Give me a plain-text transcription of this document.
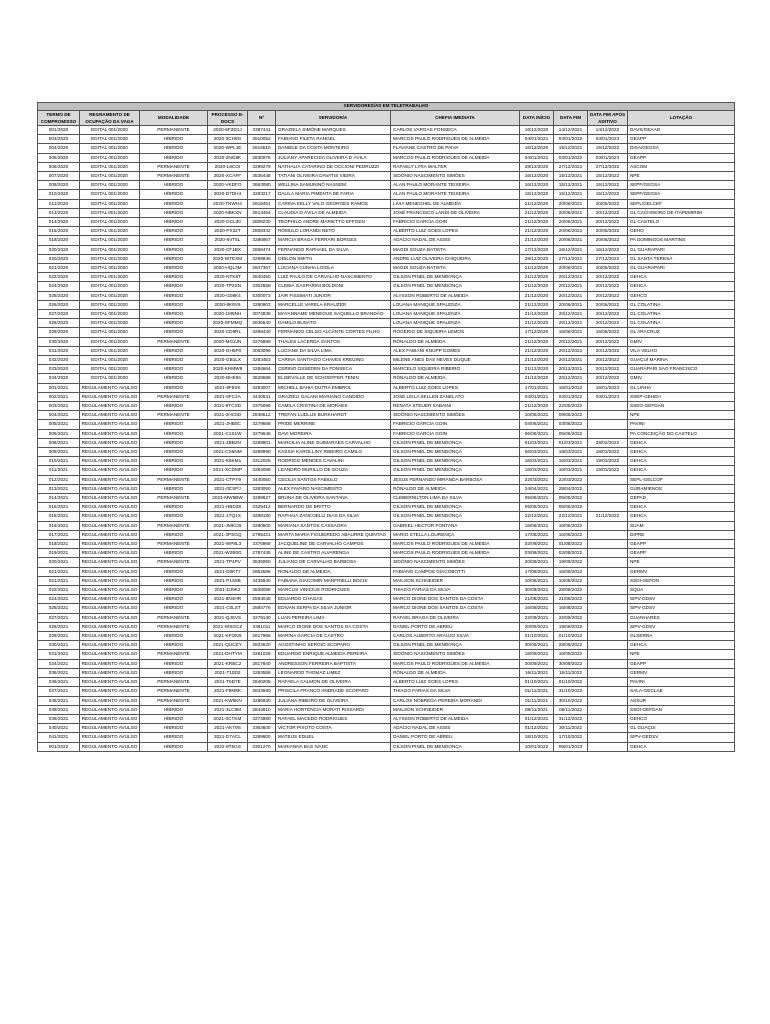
SERVIDORES/AS EM TELETRABALHO										
TERMO DE COMPROMISSO	REGRAMENTO DE OCUPAÇÃO DA VAGA	MODALIDADE	PROCESSO E-DOCS	Nº	SERVIDOR/A	CHEFIA IMEDIATA	DATA INÍCIO	DATA FIM	DATA FIM APÓS ADITIVO	LOTAÇÃO
001/2020	EDITAL 001/2020	PERMANENTE	2020-6F2D1J	3387441	GRAZIELA SIMÕNE MARQUES	CARLOS VARGAS FONSECA	16/12/2020	14/12/2021	14/12/2022	DAVS/GEAAD
003/2020	EDITAL 001/2020	HÍBRIDO	2020-3CH8G	2610052	FABIANO FILETA RANGEL	MARCOS PAULO RODRIGUES DE ALMEIDA	04/01/2021	03/01/2022	03/01/2023	GEAPP
004/2020	EDITAL 001/2020	HÍBRIDO	2020-WPL1E	2816510	DANIELE DA COSTA MONTEIRO	FLAVIANE CASTRO DE PAIVA	16/12/2020	15/12/2021	15/12/2022	DISA/GEGSA
005/2020	EDITAL 001/2020	HÍBRIDO	2020-2NG8K	2830976	JULIANY APARECIDA OLIVEIRA D ÁVILA	MARCOS PAULO RODRIGUES DE ALMEIDA	04/01/2021	03/01/2022	03/01/2023	GEAPP
006/2020	EDITAL 001/2020	PERMANENTE	2020-L6COI	3299279	NATHALIA CATARINO DE OCCIONI PEDRUZZI	RAFAELY LYRA WALTER	28/12/2020	27/12/2021	27/12/2022	ASCOM
007/2020	EDITAL 001/2020	PERMANENTE	2020-XCAFF	3536448	TATIANI OLIVEIRA DAVATIS VIEIRA	SIDÔNIO NASCIMENTO SIMÕES	16/12/2020	15/12/2021	15/12/2022	NPE
008/2020	EDITAL 001/2020	HÍBRIDO	2020-VKDFO	3663080	WELLINA SAMUNINÕ NASSEM	ALAN PAULO MORANTE TEIXEIRA	16/12/2020	15/12/2021	15/12/2022	SEPF/GEGSA
010/2020	EDITAL 001/2020	HÍBRIDO	2020-D7DH4	3283217	DALILA MARIA PIMENTA DE FARIA	ALAN PAULO MORANTE TEIXEIRA	16/12/2020	15/12/2021	15/12/2022	SEPF/GEGSA
011/2020	EDITAL 001/2020	HÍBRIDO	2020-TNWH4	2819451	CARINA KELLY VALO GEORGES RAMOS	LIVIA MENEGHEL DE ALMEIDA	21/12/2020	20/06/2021	20/06/2022	SEPL/GELCEF
013/2020	EDITAL 001/2020	HÍBRIDO	2020-NBKXN	2813464	CLAUDIA D ÁVILA DE ALMEIDA	JOSÉ FRANCISCO LANDI DE OLIVEIRA	21/12/2020	20/06/2021	20/12/2022	GL CACHOEIRO DE ITAPEMIRIM
014/2020	EDITAL 001/2020	HÍBRIDO	2020-GCL30	2808230	TEOPHILO ANDRE MARIETTO EFFGEN	FABRICIO GARCIA GOIN	21/12/2020	20/06/2021	20/12/2022	GL CASTELO
015/2020	EDITAL 001/2020	HÍBRIDO	2020-PX32T	2808332	RÔMULO LORANDI NETO	ALBERTO LUIZ GOES LOPES	21/12/2020	20/06/2021	20/06/2022	GEHO
018/2020	EDITAL 001/2020	HÍBRIDO	2020-6VT5L	3286867	MARCIA BRAGA FERRARI BORGES	ADACIO NADAL DE ASSIS	21/12/2020	20/06/2021	20/06/2022	PA DOMINGOS MARTINS
020/2020	EDITAL 001/2020	HÍBRIDO	2020-CF1BX	2859474	FERNANDO RAPHAEL DA SILVA	MAGDI SOUZA BATISTA	17/12/2020	16/12/2021	16/12/2022	GL GUARAPARI
020/2020	EDITAL 001/2020	HÍBRIDO	2020-WTEXM	3299846	ODILON SMITH	ANDRE LUIZ OLIVEIRA CHIQUEIRA	28/12/2020	27/12/2021	27/12/2022	GL SANTA TERESA
021/2020	EDITAL 001/2020	HÍBRIDO	2020-HQL3M	2847367	LUCIANA CUNHA LOIOLA	MAGDI SOUZA BATISTA	21/12/2020	20/06/2021	20/06/2022	GL GUARAPARI
022/2020	EDITAL 001/2020	HÍBRIDO	2020-NTK6T	2840450	LUIZ PAULO DE CARVALHO NASCIMENTO	GILSON PINEL DE MENDONÇA	21/12/2020	20/12/2021	20/12/2022	GEHCA
024/2020	EDITAL 001/2020	HÍBRIDO	2020-TP2SN	3302658	CLEBIA GASPARINI BOLDONI	GILSON PINEL DE MENDONÇA	21/12/2020	20/12/2021	20/12/2022	GEHCA
025/2020	EDITAL 001/2020	HÍBRIDO	2020-G08K4	5300073	JAIR FISSIMATI JUNIOR	ALYSSON ROBERTO DE ALMEIDA	21/12/2020	20/12/2021	20/12/2022	GEHCO
026/2020	EDITAL 001/2020	HÍBRIDO	2020-8K8V6	3280903	MARCELLE VARELA KRAUZER	LOUANA MANIQUE SPALENZA	21/12/2020	20/06/2021	20/06/2022	GL COLATINA
027/2020	EDITAL 001/2020	HÍBRIDO	2020-1M5NH	3074838	MAYANNAME MENEGUE SAQUELLO BRANDÃO	LOUANA MANIQUE SPALENZA	21/12/2020	20/12/2021	20/12/2022	GL COLATINA
028/2020	EDITAL 001/2020	HÍBRIDO	2020-SFMMQ	2836640	DAMILO BUSATO	LOUANA MANIQUE SPALENZA	21/12/2020	20/12/2021	20/12/2022	GL COLATINA
029/2020	EDITAL 001/2020	HÍBRIDO	2020-CD9RL	3289430	FERNANDO CELSO ALCÂNTE CORTES FILHO	ROGERIO DE SIQUEIRA LEMOS	17/12/2020	16/06/2021	16/06/2022	GL ARACRUZ
030/2020	EDITAL 001/2020	PERMANENTE	2020-MG2JN	3279898	THALES LACERDA SANTOS	RÔNALDO DE ALMEIDA	21/12/2020	20/12/2021	20/12/2022	GMIV
031/2020	EDITAL 001/2020	HÍBRIDO	2020-GH5P0	3063099	LUCIANE DA SILVA LIMA	ALEX FABIANI KNUPP GOMES	21/12/2020	20/12/2021	20/12/2022	VILA VELHO
032/2020	EDITAL 001/2020	HÍBRIDO	2020-GB1LX	3283463	CARINA SANTIAGO CHAVES KREUING	MILENE ANES DAS NEVES DUQUE	21/12/2020	20/12/2021	20/12/2022	GUAÇUÍ MARINA
033/2020	EDITAL 001/2020	HÍBRIDO	2020-KHMW9	3284664	CERINO OSSEDEN DA FONSECA	MARCELO SIQUEIRA RIBEIRO	21/12/2020	20/12/2021	20/12/2022	GUARAPARI SAO FRANCISCO
034/2020	EDITAL 001/2020	HÍBRIDO	2020-BHK94	3628688	ELISEVALLE DE SCHOEFFER TENIN	RÔNALDO DE ALMEIDA	21/12/2020	20/12/2021	20/12/2022	GMIV
001/2021	REGULAMENTO AVULSO	HÍBRIDO	2021-8F5SK	3283007	MICHELL BAHIA DUTRA EMBROL	ALBERTO LUIZ GOES LOPES	17/01/2021	16/01/2022	16/01/2023	GL LINHA
002/2021	REGULAMENTO AVULSO	PERMANENTE	2021-6FC2A	3440531	GRAZIELI GALANI MARIANO CANDIDO	JOSÉ LEILA SELLEN ZANELATO	04/01/2021	03/01/2022	03/01/2023	SSEP-GEHEH
003/2021	REGULAMENTO AVULSO	HÍBRIDO	2021-8TCXD	3375099	CAMILA CRISTINA DE MORAES	RENATA STEUER SABAINI	21/12/2020	22/05/2022		SSEO-GEFDAN
004/2021	REGULAMENTO AVULSO	PERMANENTE	2021-2HC0D	2838612	TREFAN LUDLUS BURKHARDT	SIDÔNIO NASCIMENTO SIMÕES	10/05/2021	09/05/2022		NPE
005/2021	REGULAMENTO AVULSO	HÍBRIDO	2021-JHB0C	3279688	PRIDE MERRINE	FABRICIO GARCIA GOIN	04/06/2021	03/06/2022		PAVINI
006/2021	REGULAMENTO AVULSO	HÍBRIDO	2021-C1S1W	3279646	DAVI MOREIRA	FABRICIO GARCIA GOIN	06/06/2021	05/06/2022		PA CONCEIÇÃO DO CASTELO
008/2021	REGULAMENTO AVULSO	HÍBRIDO	2021-2BB2N	3289801	MARCILIA ALINE GUIMARAES CARVALHO	GILSON PINEL DE MENDONÇA	01/03/2021	01/03/2021	28/02/2022	GEHCA
009/2021	REGULAMENTO AVULSO	HÍBRIDO	2021-CS6NM	3289990	KASSIA KAROLLINY RIBEIRO CAMILO	GILSON PINEL DE MENDONÇA	06/03/2021	18/03/2021	18/03/2022	GEHCA
010/2021	REGULAMENTO AVULSO	HÍBRIDO	2021-K8KM1	3312026	RODRIGO MENDES CAVALINI	GILSON PINEL DE MENDONÇA	16/03/2021	16/03/2021	19/03/2022	GEHCA
011/2021	REGULAMENTO AVULSO	HÍBRIDO	2021-XCDMP	3284088	LEANDRO MURILLO DE SOUZA	GILSON PINEL DE MENDONÇA	16/03/2021	16/03/2021	19/03/2022	GEHCA
012/2021	REGULAMENTO AVULSO	PERMANENTE	2021-CTPY9	3440050	CECILIA SANTOS FABIULO	JESUS FERNANDO MIRANDA BARBOSA	22/03/2021	22/03/2022		SEPL-GELCOF
013/2021	REGULAMENTO AVULSO	HÍBRIDO	2021-0CSPJ	3283060	ALEX FAVARO NASCIMENTO	RÔNALDO DE ALMEIDA	24/04/2021	28/04/2022		GURAMIENOS
014/2021	REGULAMENTO AVULSO	PERMANENTE	2021-MW5BW	3289627	BRUNA DE OLIVEIRA SANTANA	CLEBERNILTON LIMA DA SILVA	05/05/2021	05/05/2022		GEPAD
015/2021	REGULAMENTO AVULSO	HÍBRIDO	2021-HBD28	3325412	BERNARDO DE BRITTO	GILSON PINEL DE MENDONÇA	05/05/2021	05/05/2022		GEHCA
016/2021	REGULAMENTO AVULSO	HÍBRIDO	2021-1TQ1X	3288180	RAFHAIA ZANCOELLI DIAS DA SILVA	GILSON PINEL DE MENDONÇA	22/12/2021	22/12/2021	21/12/2022	GEHCA
016/2021	REGULAMENTO AVULSO	PERMANENTE	2021-JMKCB	3280500	MARIANA SANTOS CASSAGRA	GABRIEL HECTOR FONTANA	16/06/2021	16/06/2022		SUAM
017/2021	REGULAMENTO AVULSO	HÍBRIDO	2021-3PSGQ	2795421	MARTA MARIA FIGUEIREDO ABAURRE QUINTAO	MARIO STELLA LOURENÇA	17/08/2021	16/08/2022		DIPRE
018/2021	REGULAMENTO AVULSO	PERMANENTE	2021-WP8L3	3376968	JACQUELINE DE CARVALHO CAMPOS	MARCOS PAULO RODRIGUES DE ALMEIDA	02/08/2021	01/08/2022		GEAPP
019/2021	REGULAMENTO AVULSO	HÍBRIDO	2021-W2B0G	2787445	ALINE DE CASTRO ALVARENGA	MARCOS PAULO RODRIGUES DE ALMEIDA	03/08/2021	02/08/2022		GEAPP
020/2021	REGULAMENTO AVULSO	PERMANENTE	2021-TP4PV	3536060	JULIANO DE CARVALHO BARBOSA	SIDÔNIO NASCIMENTO SIMÕES	20/09/2021	19/09/2022		NPE
021/2021	REGULAMENTO AVULSO	HÍBRIDO	2021-D0KT7	2862586	RONALDO DE ALMEIDA	FABIANO CAMPOS GIACOBOTTI	17/09/2021	16/09/2022		GERMV
021/2021	REGULAMENTO AVULSO	HÍBRIDO	2021-P1S5B	3435840	FABIANA GIACOMIN MANFRIELLI BOCHI	MAILSON SCHNEIDER	10/08/2021	10/08/2022		SSDI-GEFDN
022/2021	REGULAMENTO AVULSO	HÍBRIDO	2021-DJ9K2	3528058	MARCUS VINICIUS RODRIGUES	THIAGO FARIAS DA SILVA	30/08/2021	28/08/2022		SQUA
024/2021	REGULAMENTO AVULSO	HÍBRIDO	2021-8N4HR	2593045	EDUARDO CHAGAS	MARCO DIONE DOS SANTOS DA COSTA	21/08/2021	21/08/2022		SIPV-GDSV
025/2021	REGULAMENTO AVULSO	HÍBRIDO	2021-C0LST	2584776	EDIVAN SERPA DA SILVA JUNIOR	MARCO DIONE DOS SANTOS DA COSTA	16/08/2021	16/08/2022		SIPV-GDSV
027/2021	REGULAMENTO AVULSO	PERMANENTE	2021-QJSVS	3279140	LUAN PEREIRA LIMA	RAFAEL BRAGA DE OLIVEIRA	22/09/2021	22/09/2022		GUANHARES
028/2021	REGULAMENTO AVULSO	PERMANENTE	2021-WSGCZ	3381011	MARCO DIONE DOS SANTOS DA COSTA	DANIEL PORTO DE ABREU	20/09/2021	19/09/2022		SIPV-GDSV
029/2021	REGULAMENTO AVULSO	HÍBRIDO	2021-KFOKB	2817966	MARINA GARCIA DE CASTRO	CARLOS ALBERTO ARAUJO SILVA	01/10/2021	01/10/2022		GLSERRA
030/2021	REGULAMENTO AVULSO	HÍBRIDO	2021-QUCEY	2833620	AGOSTINHO SERGIO SCOPARO	GILSON PINEL DE MENDONÇA	30/09/2021	28/09/2022		GEHCA
031/2021	REGULAMENTO AVULSO	PERMANENTE	2021-DHTYM	3281028	EDUARDO ENRIQUE ALMEIDA PEREIRA	SIDÔNIO NASCIMENTO SIMÕES	16/09/2021	16/09/2022		NPE
034/2021	REGULAMENTO AVULSO	HÍBRIDO	2021-KRBC2	2817840	ANDRESSON FERREIRA BAPTISTA	MARCOS PAULO RODRIGUES DE ALMEIDA	30/09/2021	30/09/2022		GEAPP
035/2021	REGULAMENTO AVULSO	HÍBRIDO	2021-T10D2	3283556	LEONARDO THOMAZ LIMEZ	RÔNALDO DE ALMEIDA	16/11/2021	15/11/2022		GERMV
036/2021	REGULAMENTO AVULSO	PERMANENTE	2021-T6D7E	2840205	RAFAELA CALMON DE OLIVEIRA	ALBERTO LUIZ GOES LOPES	01/10/2021	01/10/2022		PAVINI
037/2021	REGULAMENTO AVULSO	PERMANENTE	2021-F8M8K	2833680	PRISCILA FRANCO ANDRADE SCOPARO	THIAGO FARIAS DA SILVA	01/11/2021	31/10/2022		SALA-GECLAB
038/2021	REGULAMENTO AVULSO	PERMANENTE	2021-KW5KN	3286930	JULIANA RIBEIRO DE OLIVEIRA	CARLOS NÓBREGA PEREIRA MORANDI	01/11/2021	30/10/2022		ASSUR
039/2021	REGULAMENTO AVULSO	HÍBRIDO	2021-3LC8M	2844810	MARIA HORTÊNCIA MORATI RISSARDI	MAILSON SCHNEIDER	08/11/2021	08/11/2022		SSDI-GEFDAN
039/2021	REGULAMENTO AVULSO	HÍBRIDO	2021-0CTKM	3274980	RAFAEL MACEDO RODRIGUES	ALYSSON ROBERTO DE ALMEIDA	01/12/2021	31/12/2022		GEHCO
040/2021	REGULAMENTO AVULSO	HÍBRIDO	2021-AKT9S	3363600	VICTOR PIXOTO COSTA	ADACIO NADAL DE ASSIS	01/12/2021	30/11/2022		GL GUAÇUI
041/2021	REGULAMENTO AVULSO	HÍBRIDO	2021-D7ACL	3289600	MATEUS EDUEL	DANIEL PORTO DE ABREU	18/10/2021	17/10/2022		SIPV-GEDSV
001/2022	REGULAMENTO AVULSO	HÍBRIDO	2022-8T5GS	3301270	MARIANNA BAS IVANC	GILSON PINEL DE MENDONÇA	10/01/2022	09/01/2023		GEHCA
